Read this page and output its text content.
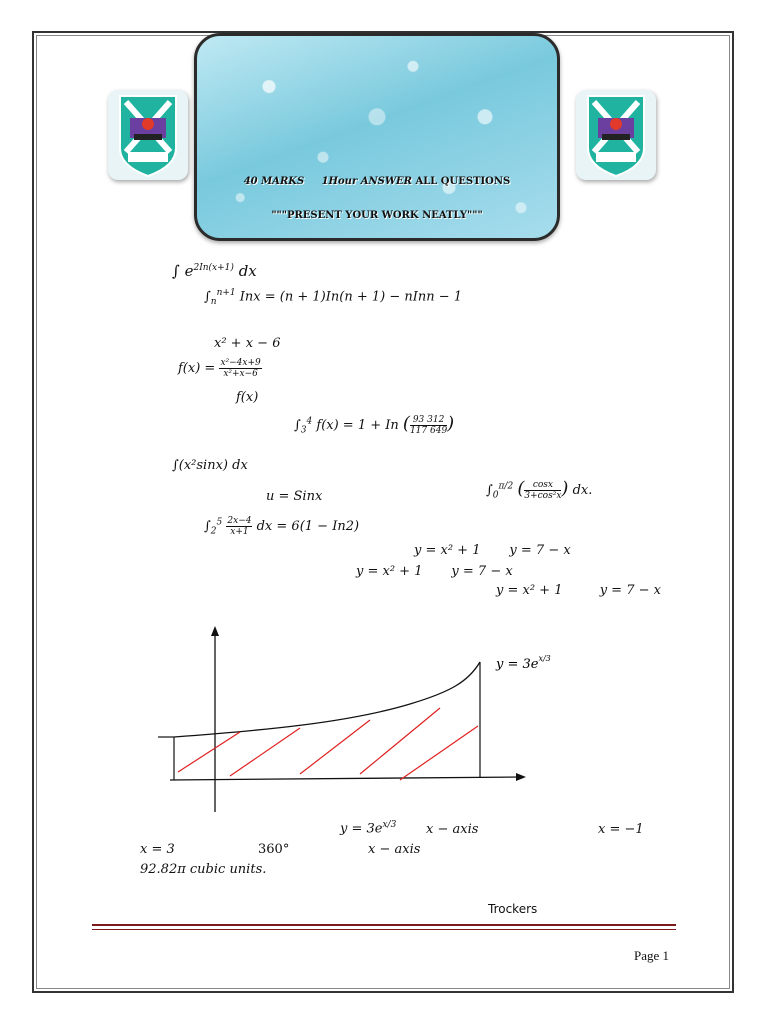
40 MARKS 1Hour ANSWER ALL QUESTIONS
"""PRESENT YOUR WORK NEATLY"""
∫ $e^{2In(x+1)}$ dx
$\int_n^{n+1}$ Inx = (n + 1)In(n + 1) − nInn − 1
x² + x − 6
$f(x) = \frac{\text{x²−4x+9}}{\text{x²+x−6}}$
f(x)
$\int_3^4$ f(x) = 1 + In ( $\frac{93 312}{117 649}$ )
∫(x²sinx) dx
u = Sinx	$\int_0^{\pi/2}$ ( $\frac{\cos x}{\text{3+cos²x}}$ ) dx.
$\int_2^5 \frac{2x-4}{x+1}$ dx = 6(1 − In2)
y = x² + 1 y = 7 − x
y = x² + 1 y = 7 − x
y = x² + 1	y = 7 − x
$y = 3e^{x/3}$
$y = 3e^{x/3}$ x − axis	x = −1
x = 3	360°	x − axis
92.82π cubic units.
Trockers
Page 1
